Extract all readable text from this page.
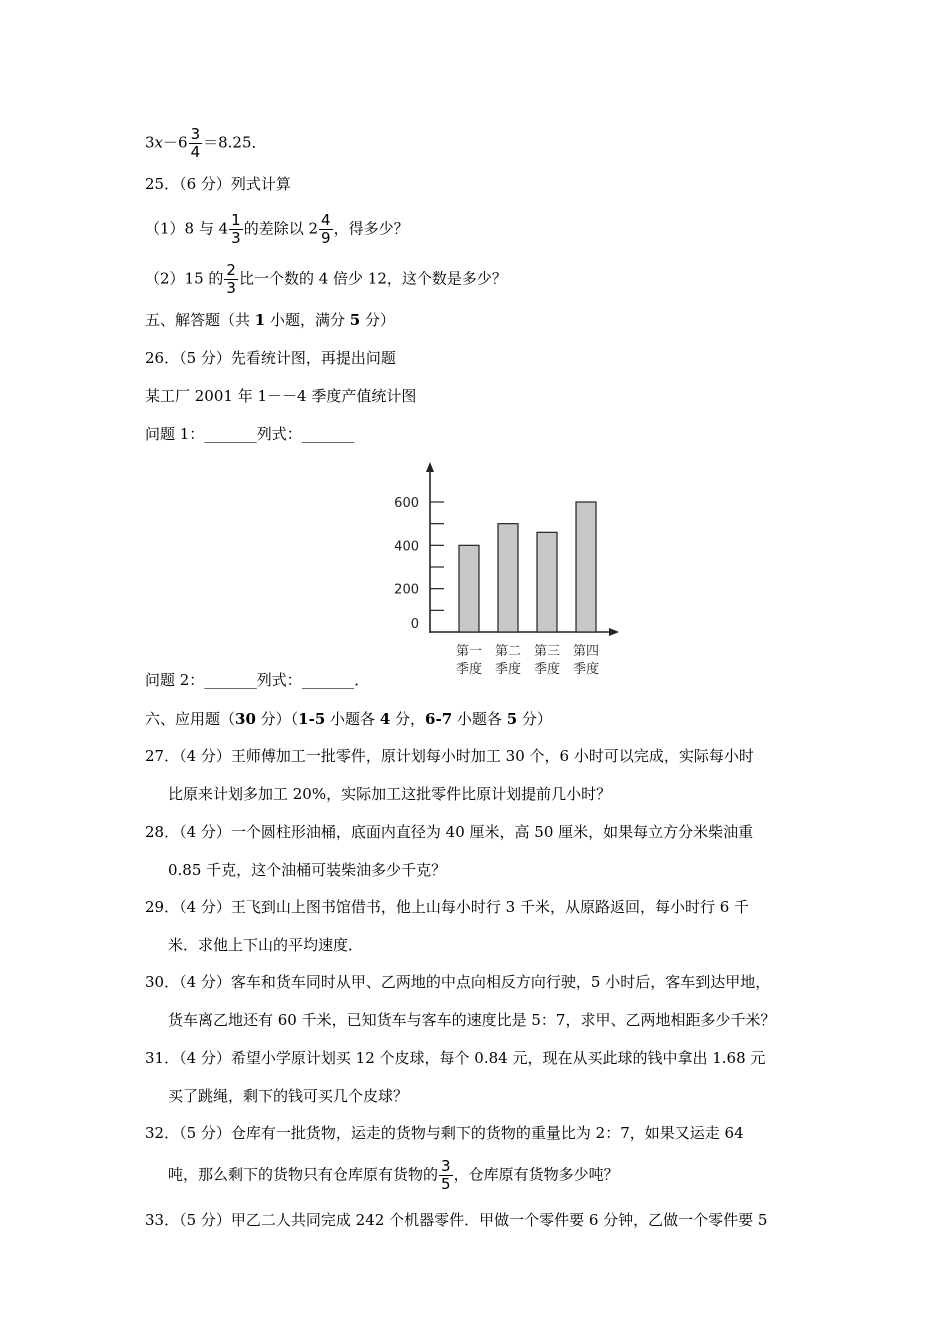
$3x-6 \frac{3}{4} =8.25$．
25．（6 分）列式计算
（1）8 与 $4 \frac{1}{3}$ 的差除以 $2 \frac{4}{9}$ ，得多少？
（2）15 的 $\frac{2}{3}$ 比一个数的 4 倍少 12，这个数是多少？
五、解答题（共 1 小题，满分 5 分）
26．（5 分）先看统计图，再提出问题
某工厂 2001 年 1－－4 季度产值统计图
问题 1：_______列式：_______
0
200
400
600
第一
季度
第二
季度
第三
季度
第四
季度
问题 2：_______列式：_______．
六、应用题（30 分）（1-5 小题各 4 分，6-7 小题各 5 分）
27．（4 分）王师傅加工一批零件，原计划每小时加工 30 个，6 小时可以完成，实际每小时
比原来计划多加工 20%，实际加工这批零件比原计划提前几小时？
28．（4 分）一个圆柱形油桶，底面内直径为 40 厘米，高 50 厘米，如果每立方分米柴油重
0.85 千克，这个油桶可装柴油多少千克？
29．（4 分）王飞到山上图书馆借书，他上山每小时行 3 千米，从原路返回，每小时行 6 千
米．求他上下山的平均速度．
30．（4 分）客车和货车同时从甲、乙两地的中点向相反方向行驶，5 小时后，客车到达甲地，
货车离乙地还有 60 千米，已知货车与客车的速度比是 5：7，求甲、乙两地相距多少千米？
31．（4 分）希望小学原计划买 12 个皮球，每个 0.84 元，现在从买此球的钱中拿出 1.68 元
买了跳绳，剩下的钱可买几个皮球？
32．（5 分）仓库有一批货物，运走的货物与剩下的货物的重量比为 2：7，如果又运走 64
吨，那么剩下的货物只有仓库原有货物的 $\frac{3}{5}$ ，仓库原有货物多少吨？
33．（5 分）甲乙二人共同完成 242 个机器零件．甲做一个零件要 6 分钟，乙做一个零件要 5
